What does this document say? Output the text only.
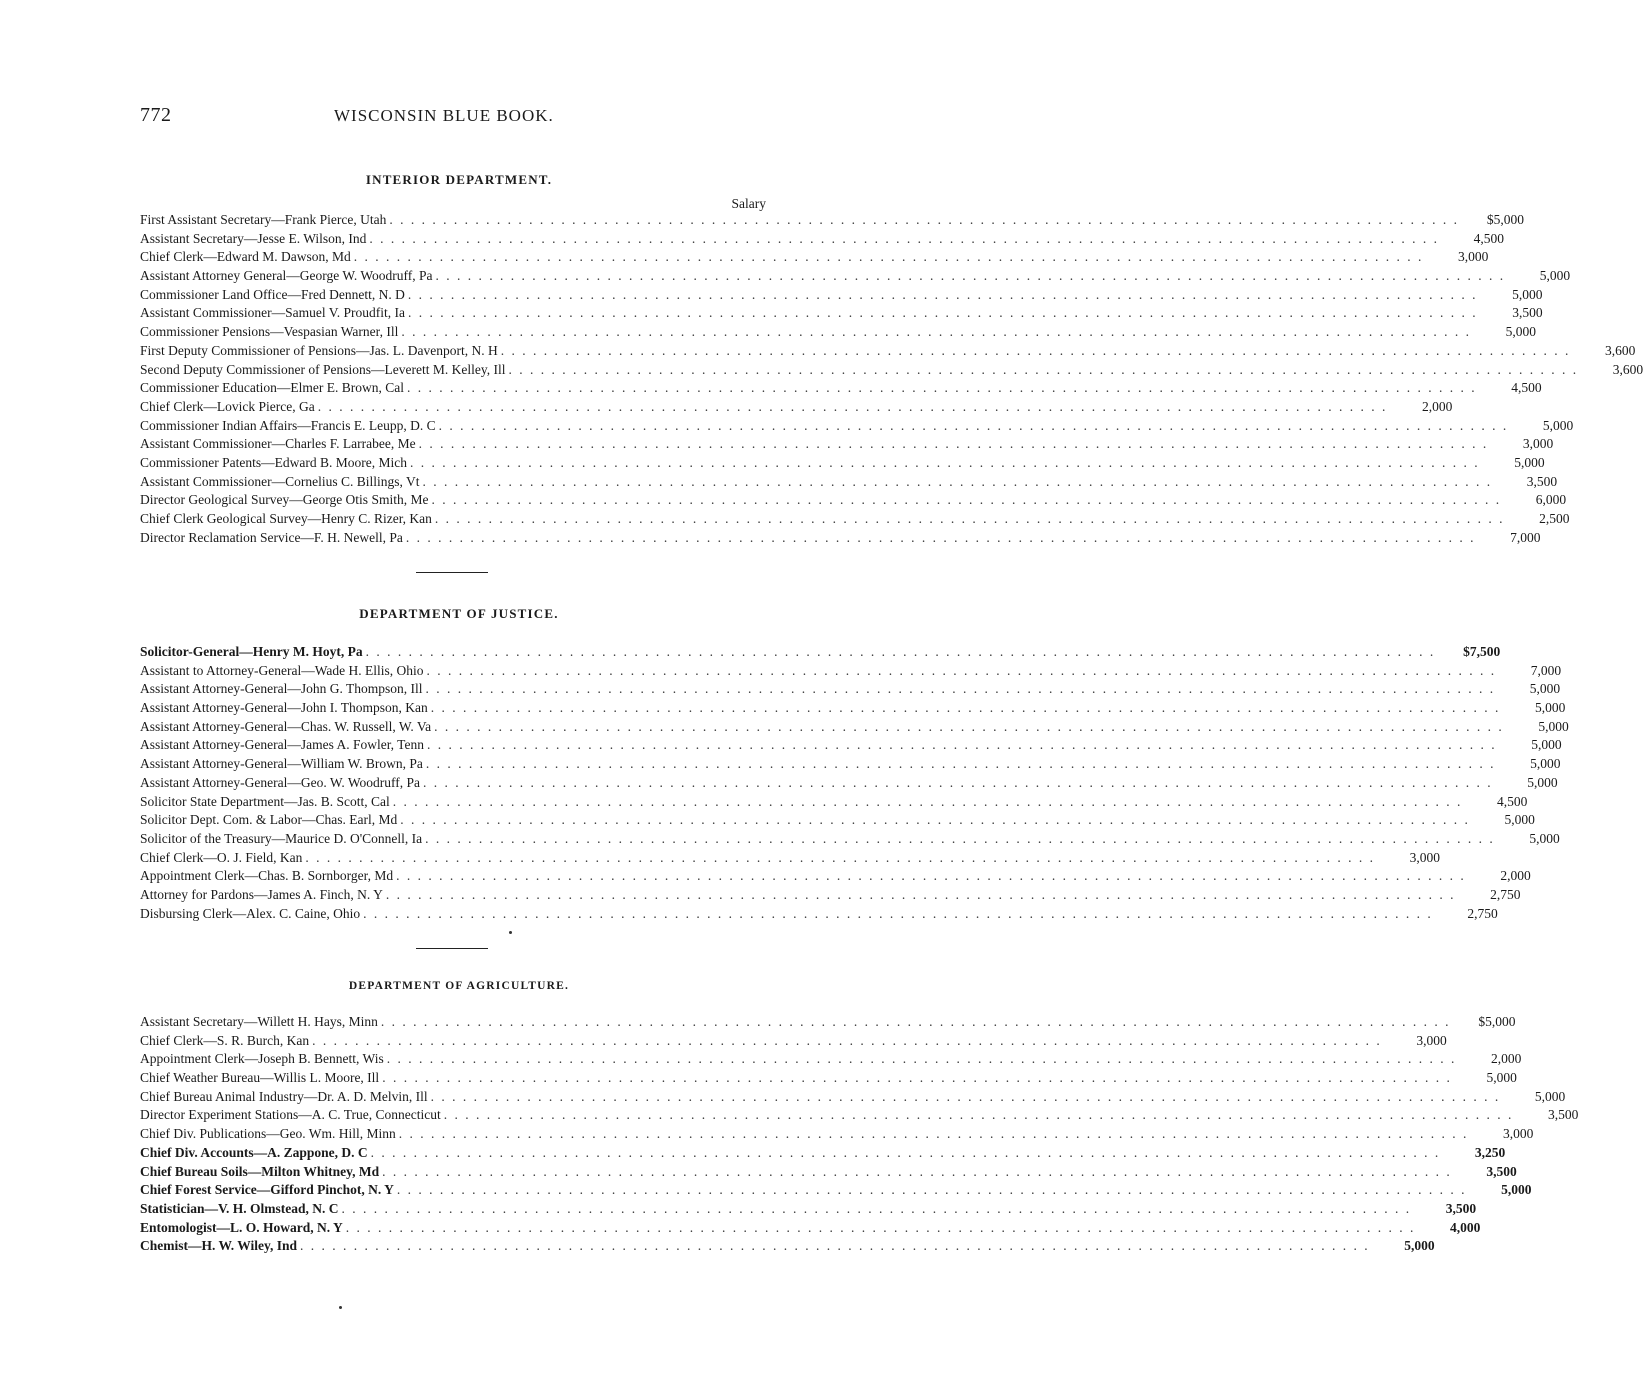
772	WISCONSIN BLUE BOOK.
INTERIOR DEPARTMENT.
Salary
First Assistant Secretary—Frank Pierce, Utah . . .	$5,000
Assistant Secretary—Jesse E. Wilson, Ind . . .	4,500
Chief Clerk—Edward M. Dawson, Md . . .	3,000
Assistant Attorney General—George W. Woodruff, Pa . . .	5,000
Commissioner Land Office—Fred Dennett, N. D . . .	5,000
Assistant Commissioner—Samuel V. Proudfit, Ia . . .	3,500
Commissioner Pensions—Vespasian Warner, Ill . . .	5,000
First Deputy Commissioner of Pensions—Jas. L. Davenport, N. H . . .	3,600
Second Deputy Commissioner of Pensions—Leverett M. Kelley, Ill . . .	3,600
Commissioner Education—Elmer E. Brown, Cal . . .	4,500
Chief Clerk—Lovick Pierce, Ga . . .	2,000
Commissioner Indian Affairs—Francis E. Leupp, D. C . . .	5,000
Assistant Commissioner—Charles F. Larrabee, Me . . .	3,000
Commissioner Patents—Edward B. Moore, Mich . . .	5,000
Assistant Commissioner—Cornelius C. Billings, Vt . . .	3,500
Director Geological Survey—George Otis Smith, Me . . .	6,000
Chief Clerk Geological Survey—Henry C. Rizer, Kan . . .	2,500
Director Reclamation Service—F. H. Newell, Pa . . .	7,000
DEPARTMENT OF JUSTICE.
Solicitor-General—Henry M. Hoyt, Pa . . .	$7,500
Assistant to Attorney-General—Wade H. Ellis, Ohio . . .	7,000
Assistant Attorney-General—John G. Thompson, Ill . . .	5,000
Assistant Attorney-General—John I. Thompson, Kan . . .	5,000
Assistant Attorney-General—Chas. W. Russell, W. Va . . .	5,000
Assistant Attorney-General—James A. Fowler, Tenn . . .	5,000
Assistant Attorney-General—William W. Brown, Pa . . .	5,000
Assistant Attorney-General—Geo. W. Woodruff, Pa . . .	5,000
Solicitor State Department—Jas. B. Scott, Cal . . .	4,500
Solicitor Dept. Com. & Labor—Chas. Earl, Md . . .	5,000
Solicitor of the Treasury—Maurice D. O'Connell, Ia . . .	5,000
Chief Clerk—O. J. Field, Kan . . .	3,000
Appointment Clerk—Chas. B. Sornborger, Md . . .	2,000
Attorney for Pardons—James A. Finch, N. Y . . .	2,750
Disbursing Clerk—Alex. C. Caine, Ohio . . .	2,750
DEPARTMENT OF AGRICULTURE.
Assistant Secretary—Willett H. Hays, Minn . . .	$5,000
Chief Clerk—S. R. Burch, Kan . . .	3,000
Appointment Clerk—Joseph B. Bennett, Wis . . .	2,000
Chief Weather Bureau—Willis L. Moore, Ill . . .	5,000
Chief Bureau Animal Industry—Dr. A. D. Melvin, Ill . . .	5,000
Director Experiment Stations—A. C. True, Connecticut . . .	3,500
Chief Div. Publications—Geo. Wm. Hill, Minn . . .	3,000
Chief Div. Accounts—A. Zappone, D. C . . .	3,250
Chief Bureau Soils—Milton Whitney, Md . . .	3,500
Chief Forest Service—Gifford Pinchot, N. Y . . .	5,000
Statistician—V. H. Olmstead, N. C . . .	3,500
Entomologist—L. O. Howard, N. Y . . .	4,000
Chemist—H. W. Wiley, Ind . . .	5,000
